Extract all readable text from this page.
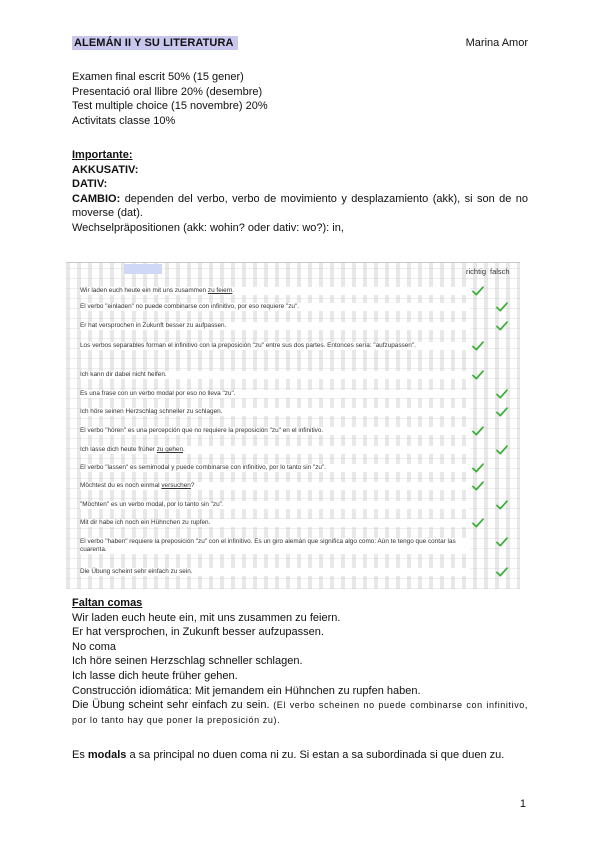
ALEMÁN II Y SU LITERATURA	Marina Amor
Examen final escrit 50% (15 gener)
Presentació oral llibre 20% (desembre)
Test multiple choice (15 novembre) 20%
Activitats classe 10%
Importante:
AKKUSATIV:
DATIV:
CAMBIO: dependen del verbo, verbo de movimiento y desplazamiento (akk), si son de no moverse (dat).
Wechselpräpositionen (akk: wohin? oder dativ: wo?): in,
richtig falsch
Wir laden euch heute ein mit uns zusammen zu feiern.
El verbo "einladen" no puede combinarse con infinitivo, por eso requiere "zu".
Er hat versprochen in Zukunft besser zu aufpassen.
Los verbos separables forman el infinitivo con la preposición "zu" entre sus dos partes. Entonces sería: "aufzupassen".
Ich kann dir dabei nicht helfen.
Es una frase con un verbo modal por eso no lleva "zu".
Ich höre seinen Herzschlag schneller zu schlagen.
El verbo "hören" es una percepción que no requiere la preposición "zu" en el infinitivo.
Ich lasse dich heute früher zu gehen.
El verbo "lassen" es semimodal y puede combinarse con infinitivo, por lo tanto sin "zu".
Möchtest du es noch einmal versuchen?
"Möchten" es un verbo modal, por lo tanto sin "zu".
Mit dir habe ich noch ein Hühnchen zu rupfen.
El verbo "haben" requiere la preposición "zu" con el infinitivo. Es un giro alemán que significa algo como: Aún te tengo que contar las cuarenta.
Die Übung scheint sehr einfach zu sein.
Faltan comas
Wir laden euch heute ein, mit uns zusammen zu feiern.
Er hat versprochen, in Zukunft besser aufzupassen.
No coma
Ich höre seinen Herzschlag schneller schlagen.
Ich lasse dich heute früher gehen.
Construcción idiomática: Mit jemandem ein Hühnchen zu rupfen haben.
Die Übung scheint sehr einfach zu sein. (El verbo scheinen no puede combinarse con infinitivo, por lo tanto hay que poner la preposición zu).
Es modals a sa principal no duen coma ni zu. Si estan a sa subordinada si que duen zu.
1
